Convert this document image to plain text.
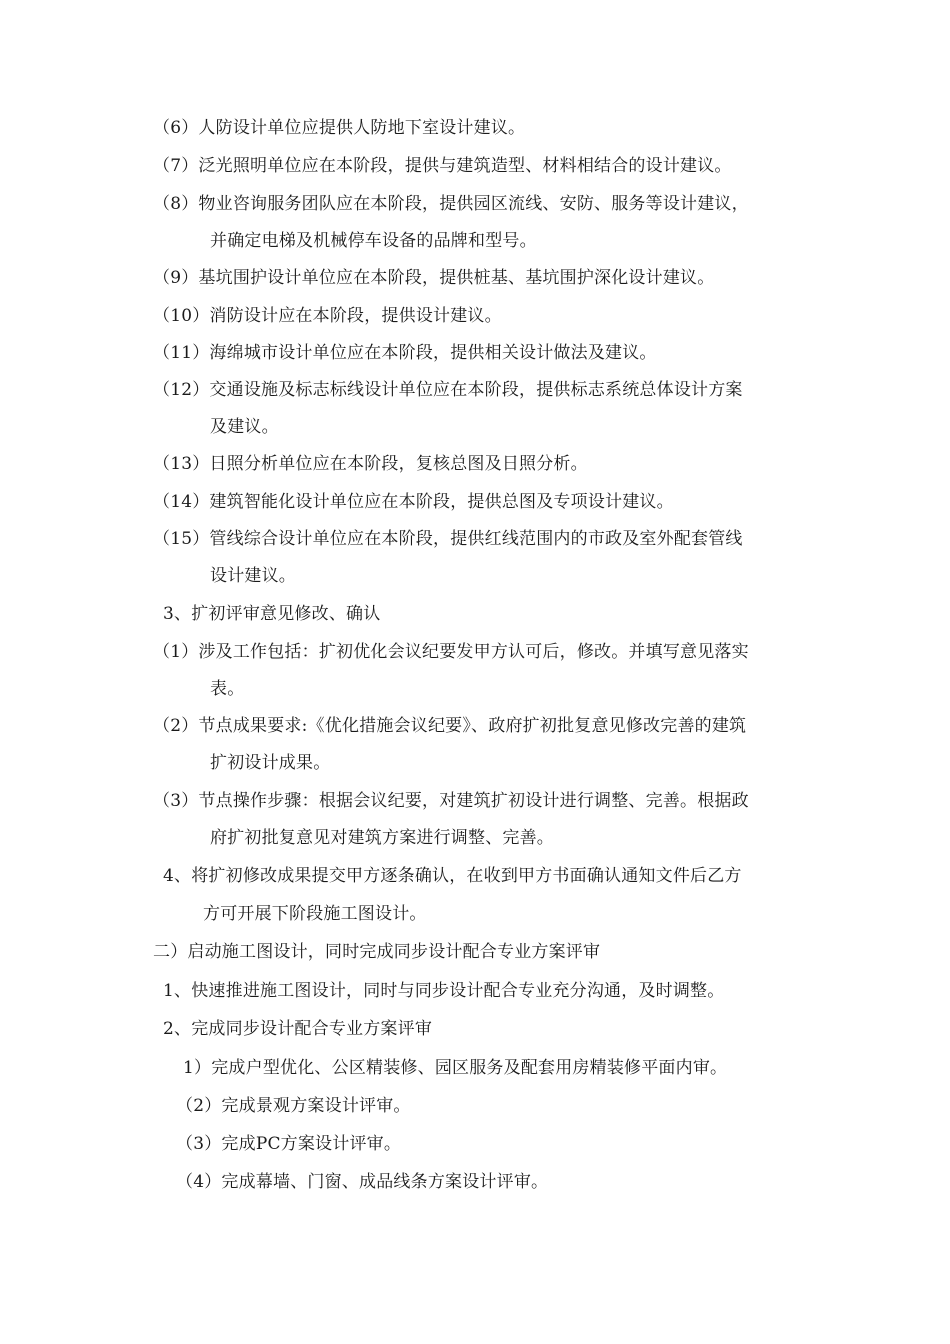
（6）人防设计单位应提供人防地下室设计建议。
（7）泛光照明单位应在本阶段，提供与建筑造型、材料相结合的设计建议。
（8）物业咨询服务团队应在本阶段，提供园区流线、安防、服务等设计建议，
并确定电梯及机械停车设备的品牌和型号。
（9）基坑围护设计单位应在本阶段，提供桩基、基坑围护深化设计建议。
（10）消防设计应在本阶段，提供设计建议。
（11）海绵城市设计单位应在本阶段，提供相关设计做法及建议。
（12）交通设施及标志标线设计单位应在本阶段，提供标志系统总体设计方案
及建议。
（13）日照分析单位应在本阶段，复核总图及日照分析。
（14）建筑智能化设计单位应在本阶段，提供总图及专项设计建议。
（15）管线综合设计单位应在本阶段，提供红线范围内的市政及室外配套管线
设计建议。
3、扩初评审意见修改、确认
（1）涉及工作包括：扩初优化会议纪要发甲方认可后，修改。并填写意见落实
表。
（2）节点成果要求:《优化措施会议纪要》、政府扩初批复意见修改完善的建筑
扩初设计成果。
（3）节点操作步骤：根据会议纪要，对建筑扩初设计进行调整、完善。根据政
府扩初批复意见对建筑方案进行调整、完善。
4、将扩初修改成果提交甲方逐条确认，在收到甲方书面确认通知文件后乙方
方可开展下阶段施工图设计。
二）启动施工图设计，同时完成同步设计配合专业方案评审
1、快速推进施工图设计，同时与同步设计配合专业充分沟通，及时调整。
2、完成同步设计配合专业方案评审
1）完成户型优化、公区精装修、园区服务及配套用房精装修平面内审。
（2）完成景观方案设计评审。
（3）完成PC方案设计评审。
（4）完成幕墙、门窗、成品线条方案设计评审。
